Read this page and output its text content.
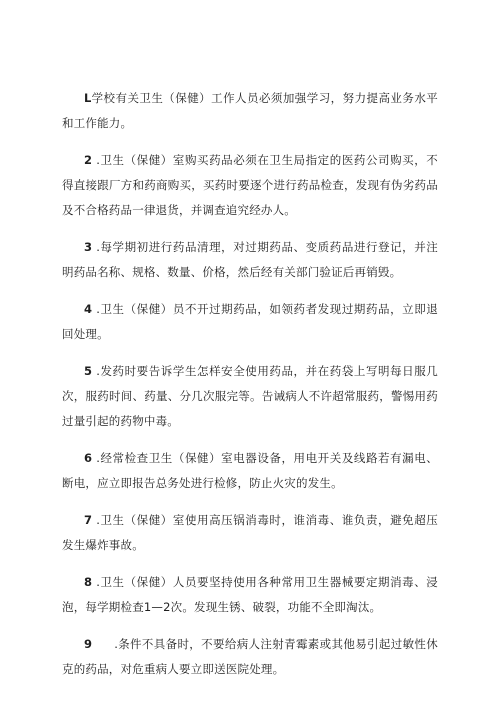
L学校有关卫生（保健）工作人员必须加强学习，努力提高业务水平和工作能力。

2 .卫生（保健）室购买药品必须在卫生局指定的医药公司购买，不得直接跟厂方和药商购买，买药时要逐个进行药品检查，发现有伪劣药品及不合格药品一律退货，并调查追究经办人。

3 .每学期初进行药品清理，对过期药品、变质药品进行登记，并注明药品名称、规格、数量、价格，然后经有关部门验证后再销毁。

4 .卫生（保健）员不开过期药品，如领药者发现过期药品，立即退回处理。

5 .发药时要告诉学生怎样安全使用药品，并在药袋上写明每日服几次，服药时间、药量、分几次服完等。告诫病人不许超常服药，警惕用药过量引起的药物中毒。

6 .经常检查卫生（保健）室电器设备，用电开关及线路若有漏电、断电，应立即报告总务处进行检修，防止火灾的发生。

7 .卫生（保健）室使用高压锅消毒时，谁消毒、谁负责，避免超压发生爆炸事故。

8 .卫生（保健）人员要坚持使用各种常用卫生器械要定期消毒、浸泡，每学期检查1—2次。发现生锈、破裂，功能不全即淘汰。

9 .条件不具备时，不要给病人注射青霉素或其他易引起过敏性休克的药品，对危重病人要立即送医院处理。
